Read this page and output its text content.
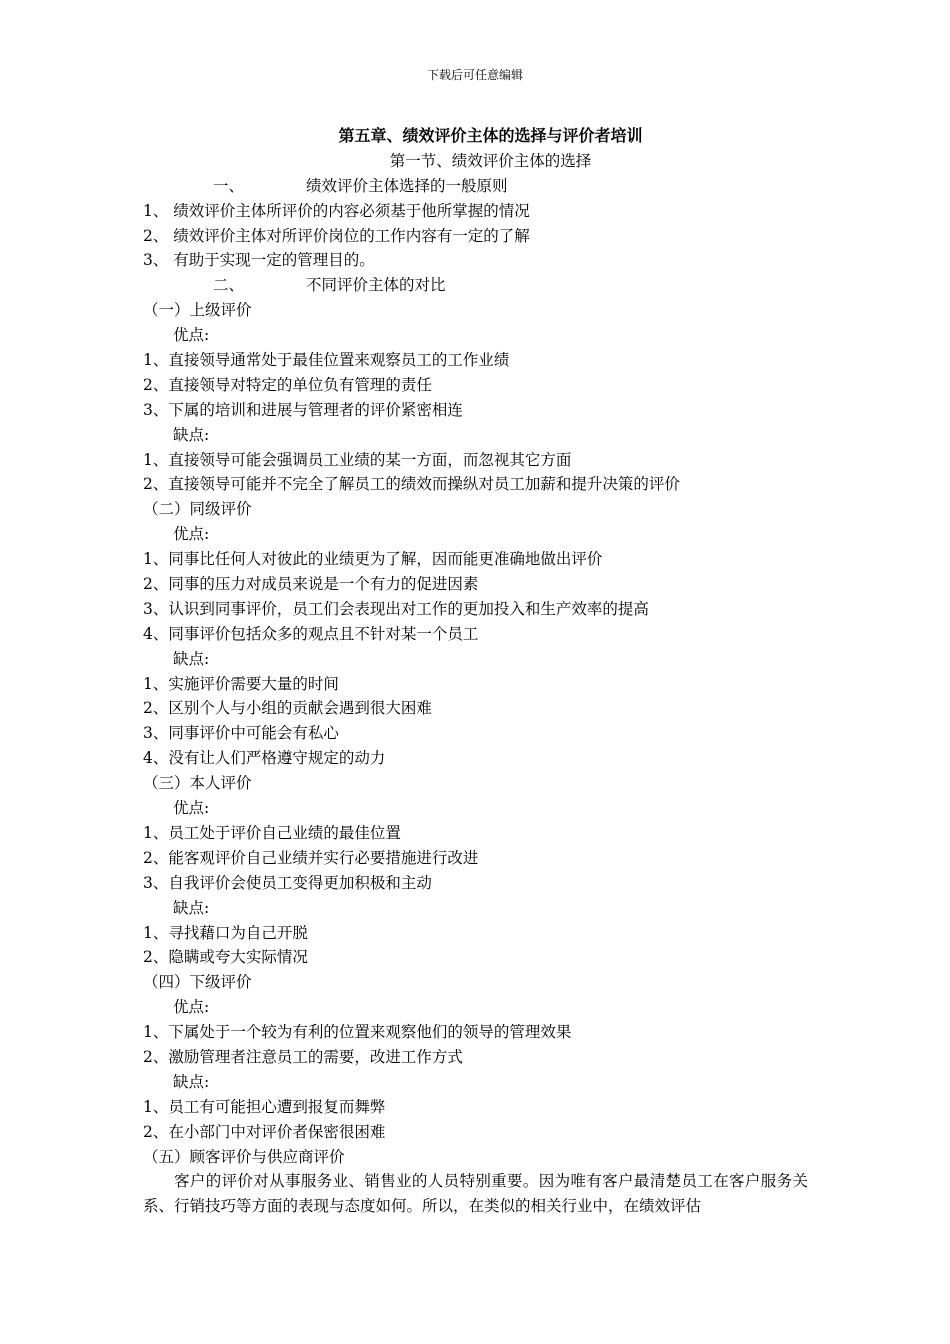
下载后可任意编辑
第五章、绩效评价主体的选择与评价者培训
第一节、绩效评价主体的选择
一、	绩效评价主体选择的一般原则
1、 绩效评价主体所评价的内容必须基于他所掌握的情况
2、 绩效评价主体对所评价岗位的工作内容有一定的了解
3、 有助于实现一定的管理目的。
二、	不同评价主体的对比
（一）上级评价
优点:
1、直接领导通常处于最佳位置来观察员工的工作业绩
2、直接领导对特定的单位负有管理的责任
3、下属的培训和进展与管理者的评价紧密相连
缺点:
1、直接领导可能会强调员工业绩的某一方面，而忽视其它方面
2、直接领导可能并不完全了解员工的绩效而操纵对员工加薪和提升决策的评价
（二）同级评价
优点:
1、同事比任何人对彼此的业绩更为了解，因而能更准确地做出评价
2、同事的压力对成员来说是一个有力的促进因素
3、认识到同事评价，员工们会表现出对工作的更加投入和生产效率的提高
4、同事评价包括众多的观点且不针对某一个员工
缺点:
1、实施评价需要大量的时间
2、区别个人与小组的贡献会遇到很大困难
3、同事评价中可能会有私心
4、没有让人们严格遵守规定的动力
（三）本人评价
优点:
1、员工处于评价自己业绩的最佳位置
2、能客观评价自己业绩并实行必要措施进行改进
3、自我评价会使员工变得更加积极和主动
缺点:
1、寻找藉口为自己开脱
2、隐瞒或夸大实际情况
（四）下级评价
优点:
1、下属处于一个较为有利的位置来观察他们的领导的管理效果
2、激励管理者注意员工的需要，改进工作方式
缺点:
1、员工有可能担心遭到报复而舞弊
2、在小部门中对评价者保密很困难
（五）顾客评价与供应商评价
客户的评价对从事服务业、销售业的人员特别重要。因为唯有客户最清楚员工在客户服务关系、行销技巧等方面的表现与态度如何。所以，在类似的相关行业中，在绩效评估
